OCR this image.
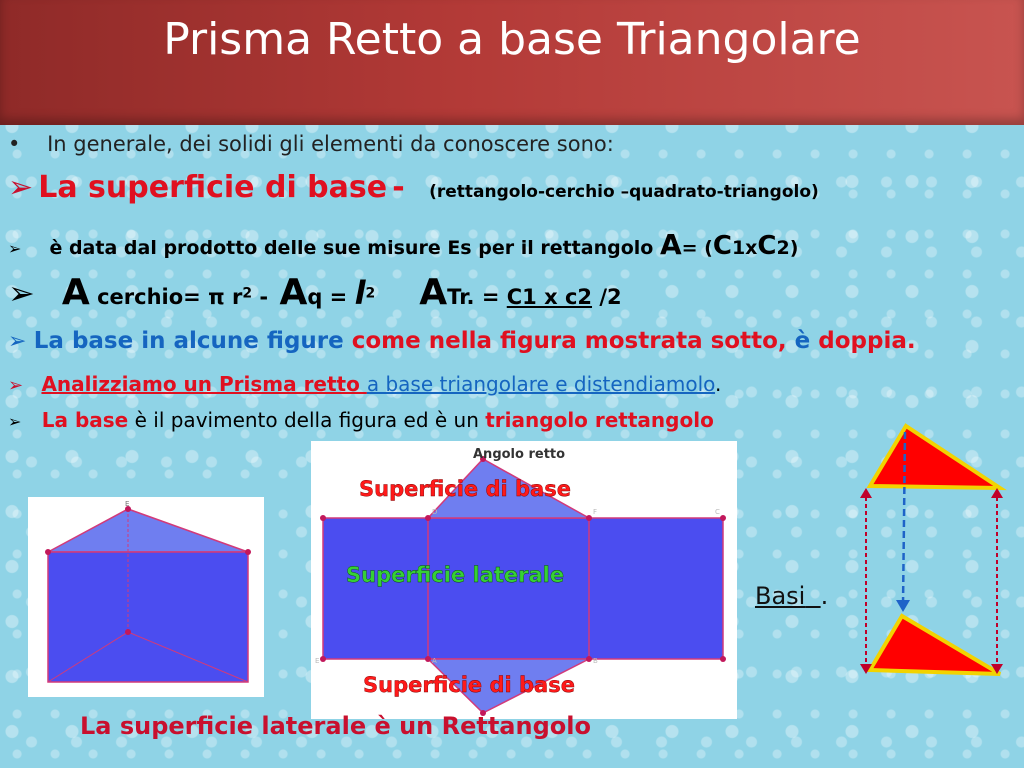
Prisma Retto a base Triangolare
• In generale, dei solidi gli elementi da conoscere sono:
➢ La superficie di base - (rettangolo-cerchio –quadrato-triangolo)
➢ è data dal prodotto delle sue misure Es per il rettangolo A= (C1xC2)
➢ A cerchio= π $r^2 - Aq = l^2$ ATr. = C1 x c2 /2
➢ La base in alcune figure come nella figura mostrata sotto, è doppia.
➢ Analizziamo un Prisma retto a base triangolare e distendiamolo.
➢ La base è il pavimento della figura ed è un triangolo rettangolo
E
E	A	B
C
D	F
Angolo retto
Superficie di base
Superficie laterale
Superficie di base
Basi .
La superficie laterale è un Rettangolo
